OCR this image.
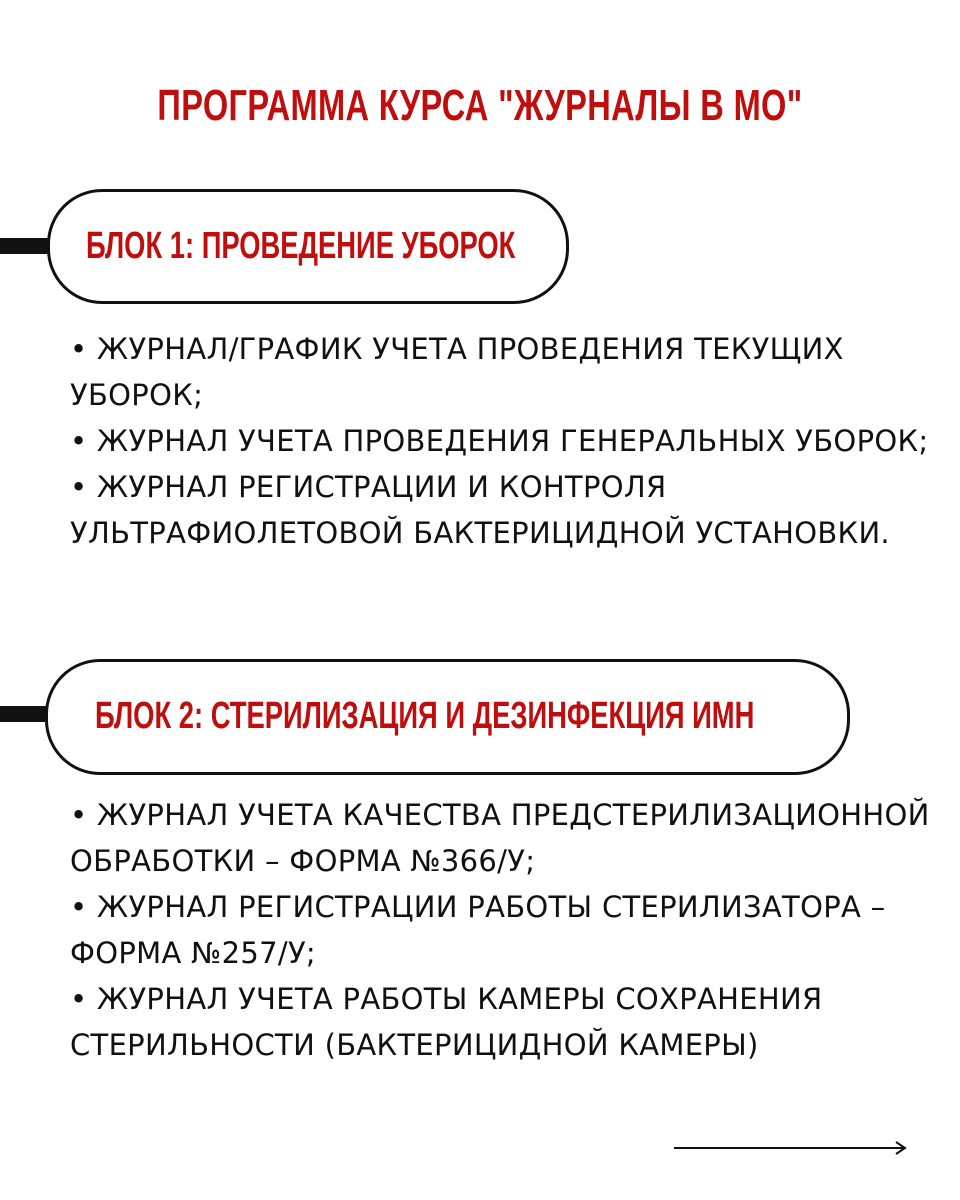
ПРОГРАММА КУРСА "ЖУРНАЛЫ В МО"
БЛОК 1: ПРОВЕДЕНИЕ УБОРОК
• ЖУРНАЛ/ГРАФИК УЧЕТА ПРОВЕДЕНИЯ ТЕКУЩИХ УБОРОК;
• ЖУРНАЛ УЧЕТА ПРОВЕДЕНИЯ ГЕНЕРАЛЬНЫХ УБОРОК;
• ЖУРНАЛ РЕГИСТРАЦИИ И КОНТРОЛЯ УЛЬТРАФИОЛЕТОВОЙ БАКТЕРИЦИДНОЙ УСТАНОВКИ.
БЛОК 2: СТЕРИЛИЗАЦИЯ И ДЕЗИНФЕКЦИЯ ИМН
• ЖУРНАЛ УЧЕТА КАЧЕСТВА ПРЕДСТЕРИЛИЗАЦИОННОЙ ОБРАБОТКИ – ФОРМА №366/У;
• ЖУРНАЛ РЕГИСТРАЦИИ РАБОТЫ СТЕРИЛИЗАТОРА – ФОРМА №257/У;
• ЖУРНАЛ УЧЕТА РАБОТЫ КАМЕРЫ СОХРАНЕНИЯ СТЕРИЛЬНОСТИ (БАКТЕРИЦИДНОЙ КАМЕРЫ)
